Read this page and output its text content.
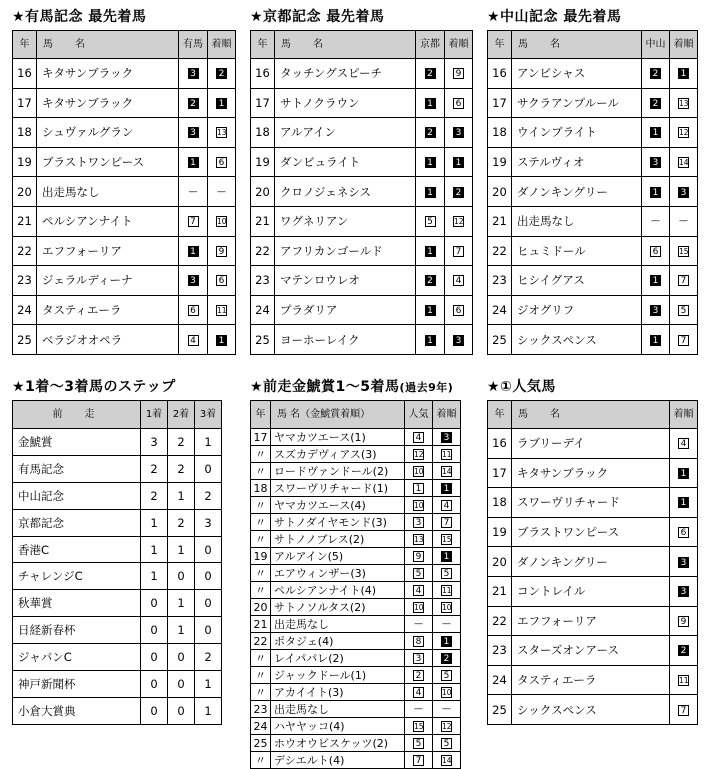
★有馬記念 最先着馬
年	馬　名	有馬	着順
16	キタサンブラック	3	2
17	キタサンブラック	2	1
18	シュヴァルグラン	3	13
19	ブラストワンピース	1	6
20	出走馬なし	—	—
21	ペルシアンナイト	7	10
22	エフフォーリア	1	9
23	ジェラルディーナ	3	6
24	タスティエーラ	6	11
25	ベラジオオペラ	4	1
★京都記念 最先着馬
年	馬　名	京都	着順
16	タッチングスピーチ	2	9
17	サトノクラウン	1	6
18	アルアイン	2	3
19	ダンビュライト	1	1
20	クロノジェネシス	1	2
21	ワグネリアン	5	12
22	アフリカンゴールド	1	7
23	マテンロウレオ	2	4
24	プラダリア	1	6
25	ヨーホーレイク	1	3
★中山記念 最先着馬
年	馬　名	中山	着順
16	アンビシャス	2	1
17	サクラアンプルール	2	13
18	ウインブライト	1	12
19	ステルヴィオ	3	14
20	ダノンキングリー	1	3
21	出走馬なし	—	—
22	ヒュミドール	6	15
23	ヒシイグアス	1	7
24	ジオグリフ	3	5
25	シックスペンス	1	7
★1着～3着馬のステップ
前　走	1着	2着	3着
金鯱賞	3	2	1
有馬記念	2	2	0
中山記念	2	1	2
京都記念	1	2	3
香港C	1	1	0
チャレンジC	1	0	0
秋華賞	0	1	0
日経新春杯	0	1	0
ジャパンC	0	0	2
神戸新聞杯	0	0	1
小倉大賞典	0	0	1
★前走金鯱賞1～5着馬(過去9年)
年	馬 名（金鯱賞着順）	人気	着順
17	ヤマカツエース(1)	4	3
〃	スズカデヴィアス(3)	12	11
〃	ロードヴァンドール(2)	10	14
18	スワーヴリチャード(1)	1	1
〃	ヤマカツエース(4)	10	4
〃	サトノダイヤモンド(3)	3	7
〃	サトノノブレス(2)	13	15
19	アルアイン(5)	9	1
〃	エアウィンザー(3)	5	5
〃	ペルシアンナイト(4)	4	11
20	サトノソルタス(2)	10	10
21	出走馬なし	—	—
22	ポタジェ(4)	8	1
〃	レイパパレ(2)	3	2
〃	ジャックドール(1)	2	5
〃	アカイイト(3)	4	10
23	出走馬なし	—	—
24	ハヤヤッコ(4)	15	12
25	ホウオウビスケッツ(2)	5	5
〃	デシエルト(4)	7	14
★①人気馬
年	馬　名	着順
16	ラブリーデイ	4
17	キタサンブラック	1
18	スワーヴリチャード	1
19	ブラストワンピース	6
20	ダノンキングリー	3
21	コントレイル	3
22	エフフォーリア	9
23	スターズオンアース	2
24	タスティエーラ	11
25	シックスペンス	7
